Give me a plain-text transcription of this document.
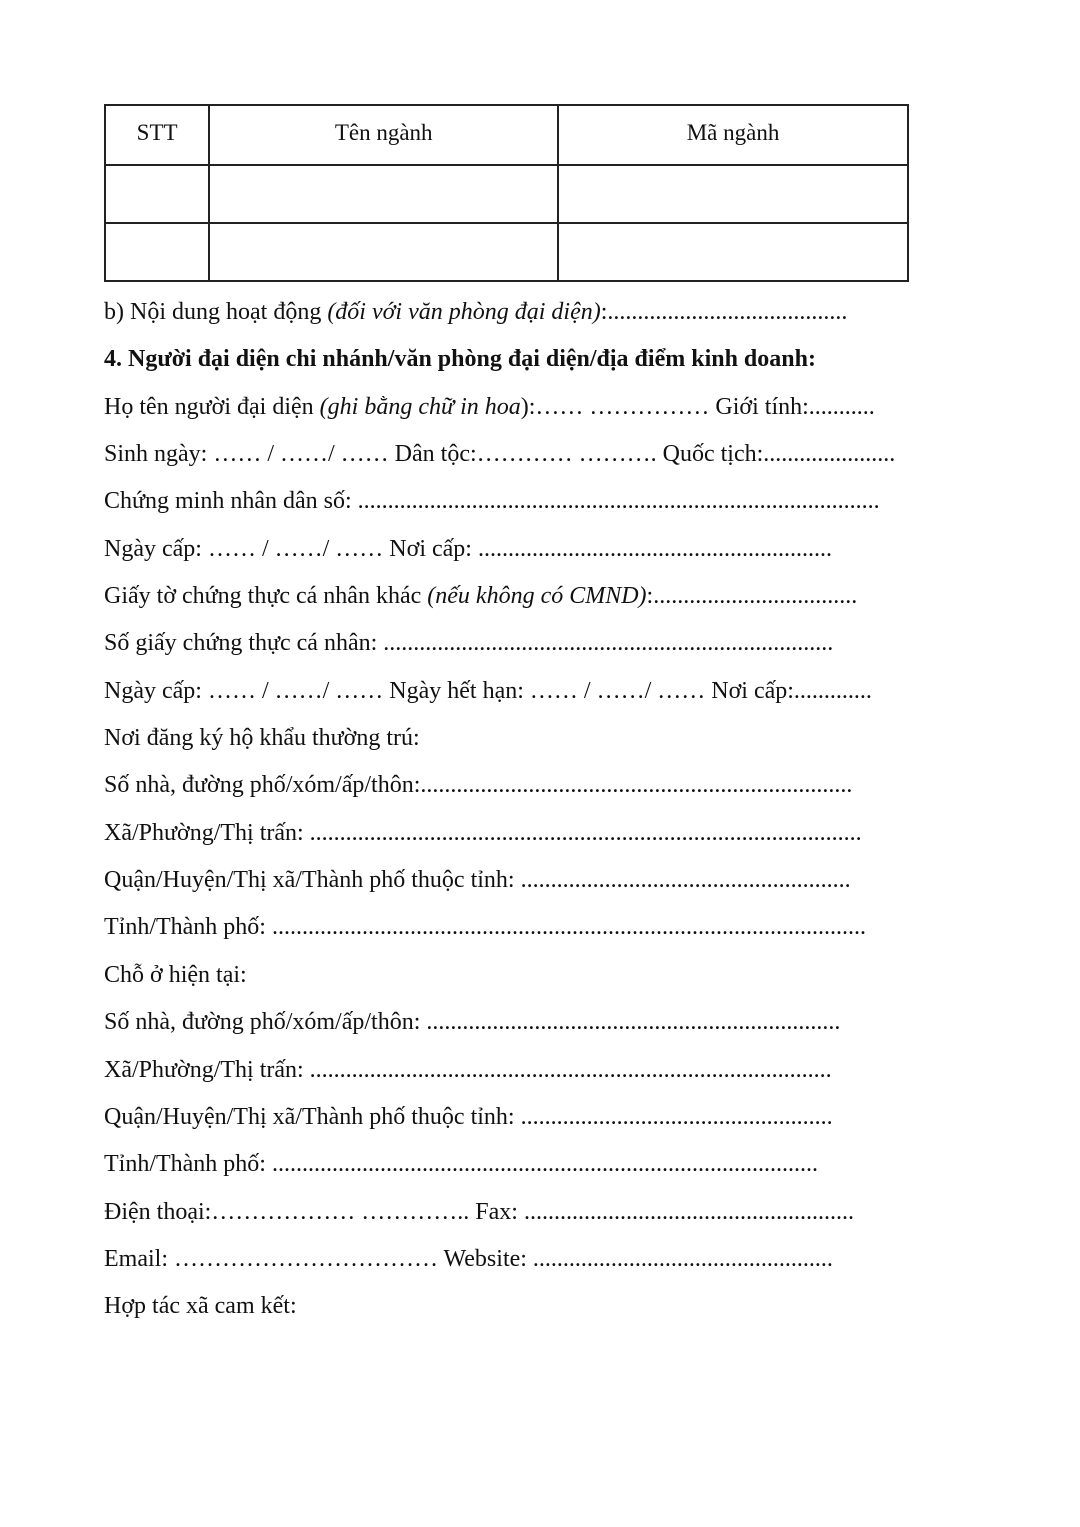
STT	Tên ngành	Mã ngành

b) Nội dung hoạt động (đối với văn phòng đại diện):........................................
4. Người đại diện chi nhánh/văn phòng đại diện/địa điểm kinh doanh:
Họ tên người đại diện (ghi bằng chữ in hoa):…… …………… Giới tính:...........
Sinh ngày: …… / ……/ …… Dân tộc:………… ………. Quốc tịch:......................
Chứng minh nhân dân số: .......................................................................................
Ngày cấp: …… / ……/ …… Nơi cấp: ...........................................................
Giấy tờ chứng thực cá nhân khác (nếu không có CMND):..................................
Số giấy chứng thực cá nhân: ...........................................................................
Ngày cấp: …… / ……/ …… Ngày hết hạn: …… / ……/ …… Nơi cấp:.............
Nơi đăng ký hộ khẩu thường trú:
Số nhà, đường phố/xóm/ấp/thôn:........................................................................
Xã/Phường/Thị trấn: ............................................................................................
Quận/Huyện/Thị xã/Thành phố thuộc tỉnh: .......................................................
Tỉnh/Thành phố: ...................................................................................................
Chỗ ở hiện tại:
Số nhà, đường phố/xóm/ấp/thôn: .....................................................................
Xã/Phường/Thị trấn: .......................................................................................
Quận/Huyện/Thị xã/Thành phố thuộc tỉnh: ....................................................
Tỉnh/Thành phố: ...........................................................................................
Điện thoại:……………… ………….. Fax: .......................................................
Email: …………………………… Website: ..................................................
Hợp tác xã cam kết:
